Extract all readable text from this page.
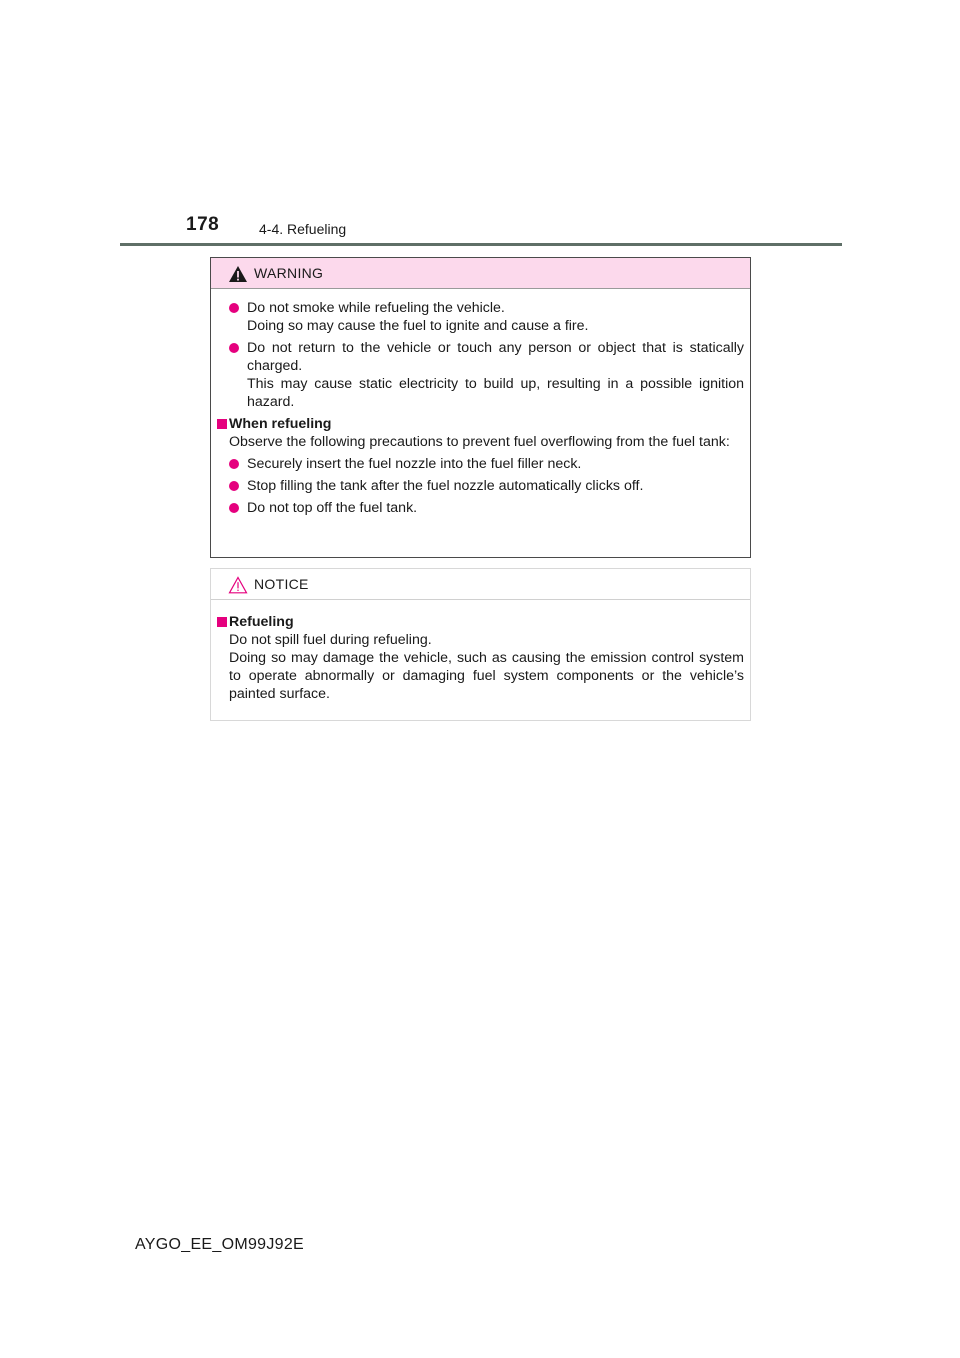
178	4-4. Refueling
WARNING

Do not smoke while refueling the vehicle.

Doing so may cause the fuel to ignite and cause a fire.

Do not return to the vehicle or touch any person or object that is statically charged.

This may cause static electricity to build up, resulting in a possible ignition hazard.

When refueling

Observe the following precautions to prevent fuel overflowing from the fuel tank:

Securely insert the fuel nozzle into the fuel filler neck.

Stop filling the tank after the fuel nozzle automatically clicks off.

Do not top off the fuel tank.

NOTICE

Refueling

Do not spill fuel during refueling.

Doing so may damage the vehicle, such as causing the emission control system to operate abnormally or damaging fuel system components or the vehicle’s painted surface.

AYGO_EE_OM99J92E
